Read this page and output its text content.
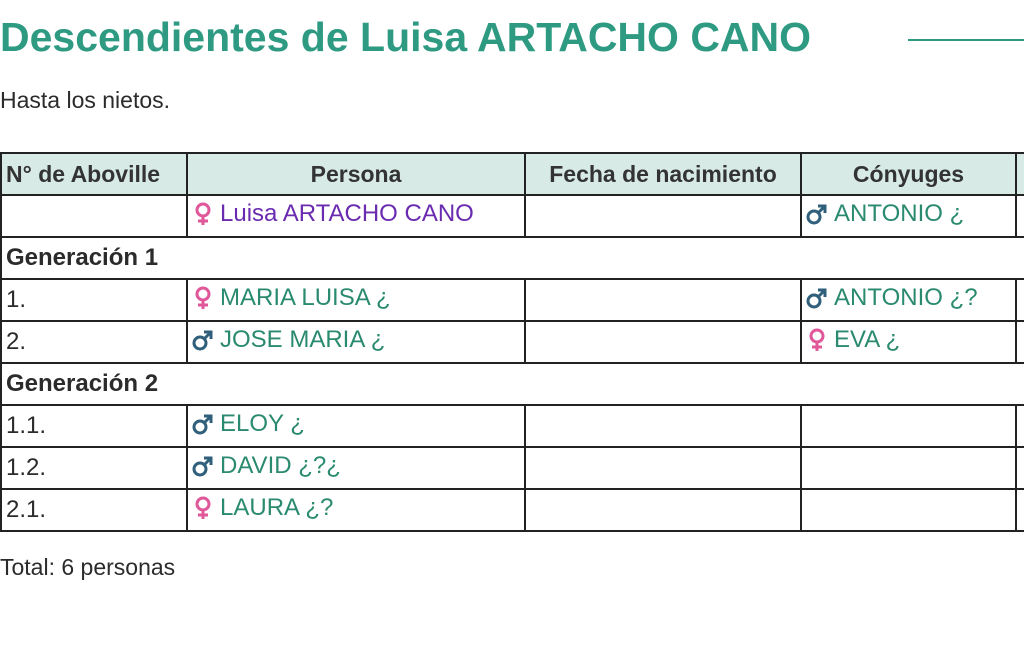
Descendientes de Luisa ARTACHO CANO
Hasta los nietos.
N° de Aboville	Persona	Fecha de nacimiento	Cónyuges	

	Luisa ARTACHO CANO		ANTONIO ¿	

Generación 1				
1.	MARIA LUISA ¿		ANTONIO ¿?	

2.	JOSE MARIA ¿		EVA ¿	

Generación 2				
1.1.	ELOY ¿			

1.2.	DAVID ¿?¿			

2.1.	LAURA ¿?			

Total: 6 personas
